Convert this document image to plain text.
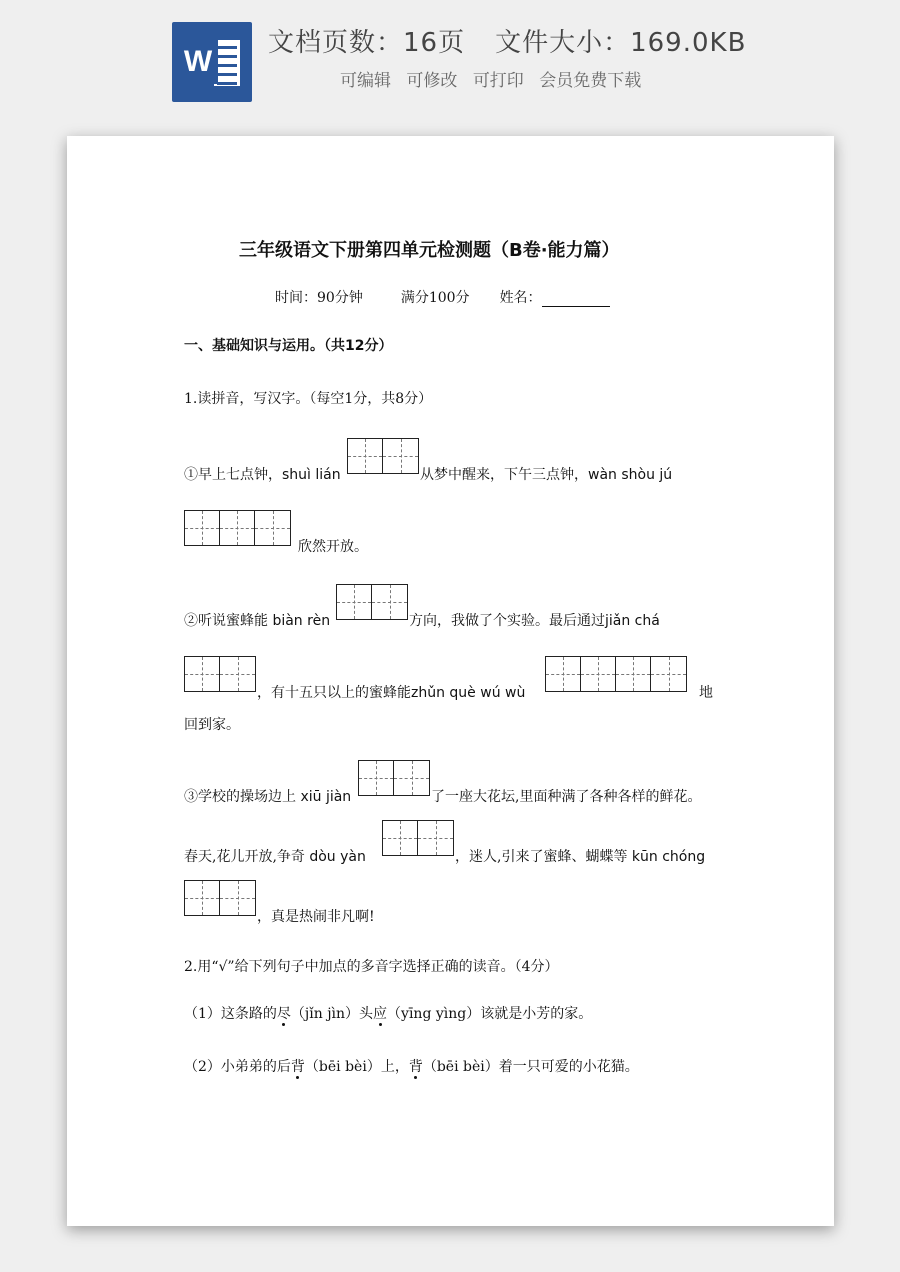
W
文档页数：16页 文件大小：169.0KB
可编辑 可修改 可打印 会员免费下载
三年级语文下册第四单元检测题（B卷·能力篇）
时间：90分钟	满分100分 姓名：
一、基础知识与运用。（共12分）
1.读拼音，写汉字。（每空1分，共8分）
①早上七点钟，shuì lián	从梦中醒来，下午三点钟，wàn shòu jú
欣然开放。
②听说蜜蜂能 biàn rèn	方向，我做了个实验。最后通过jiǎn chá
，有十五只以上的蜜蜂能zhǔn què wú wù	地
回到家。
③学校的操场边上 xiū jiàn	了一座大花坛,里面种满了各种各样的鲜花。
春天,花儿开放,争奇 dòu yàn	，迷人,引来了蜜蜂、蝴蝶等 kūn chóng
，真是热闹非凡啊!
2.用“√”给下列句子中加点的多音字选择正确的读音。（4分）
（1）这条路的尽（jǐn jìn）头应（yīng yìng）该就是小芳的家。
（2）小弟弟的后背（bēi bèi）上，背（bēi bèi）着一只可爱的小花猫。
